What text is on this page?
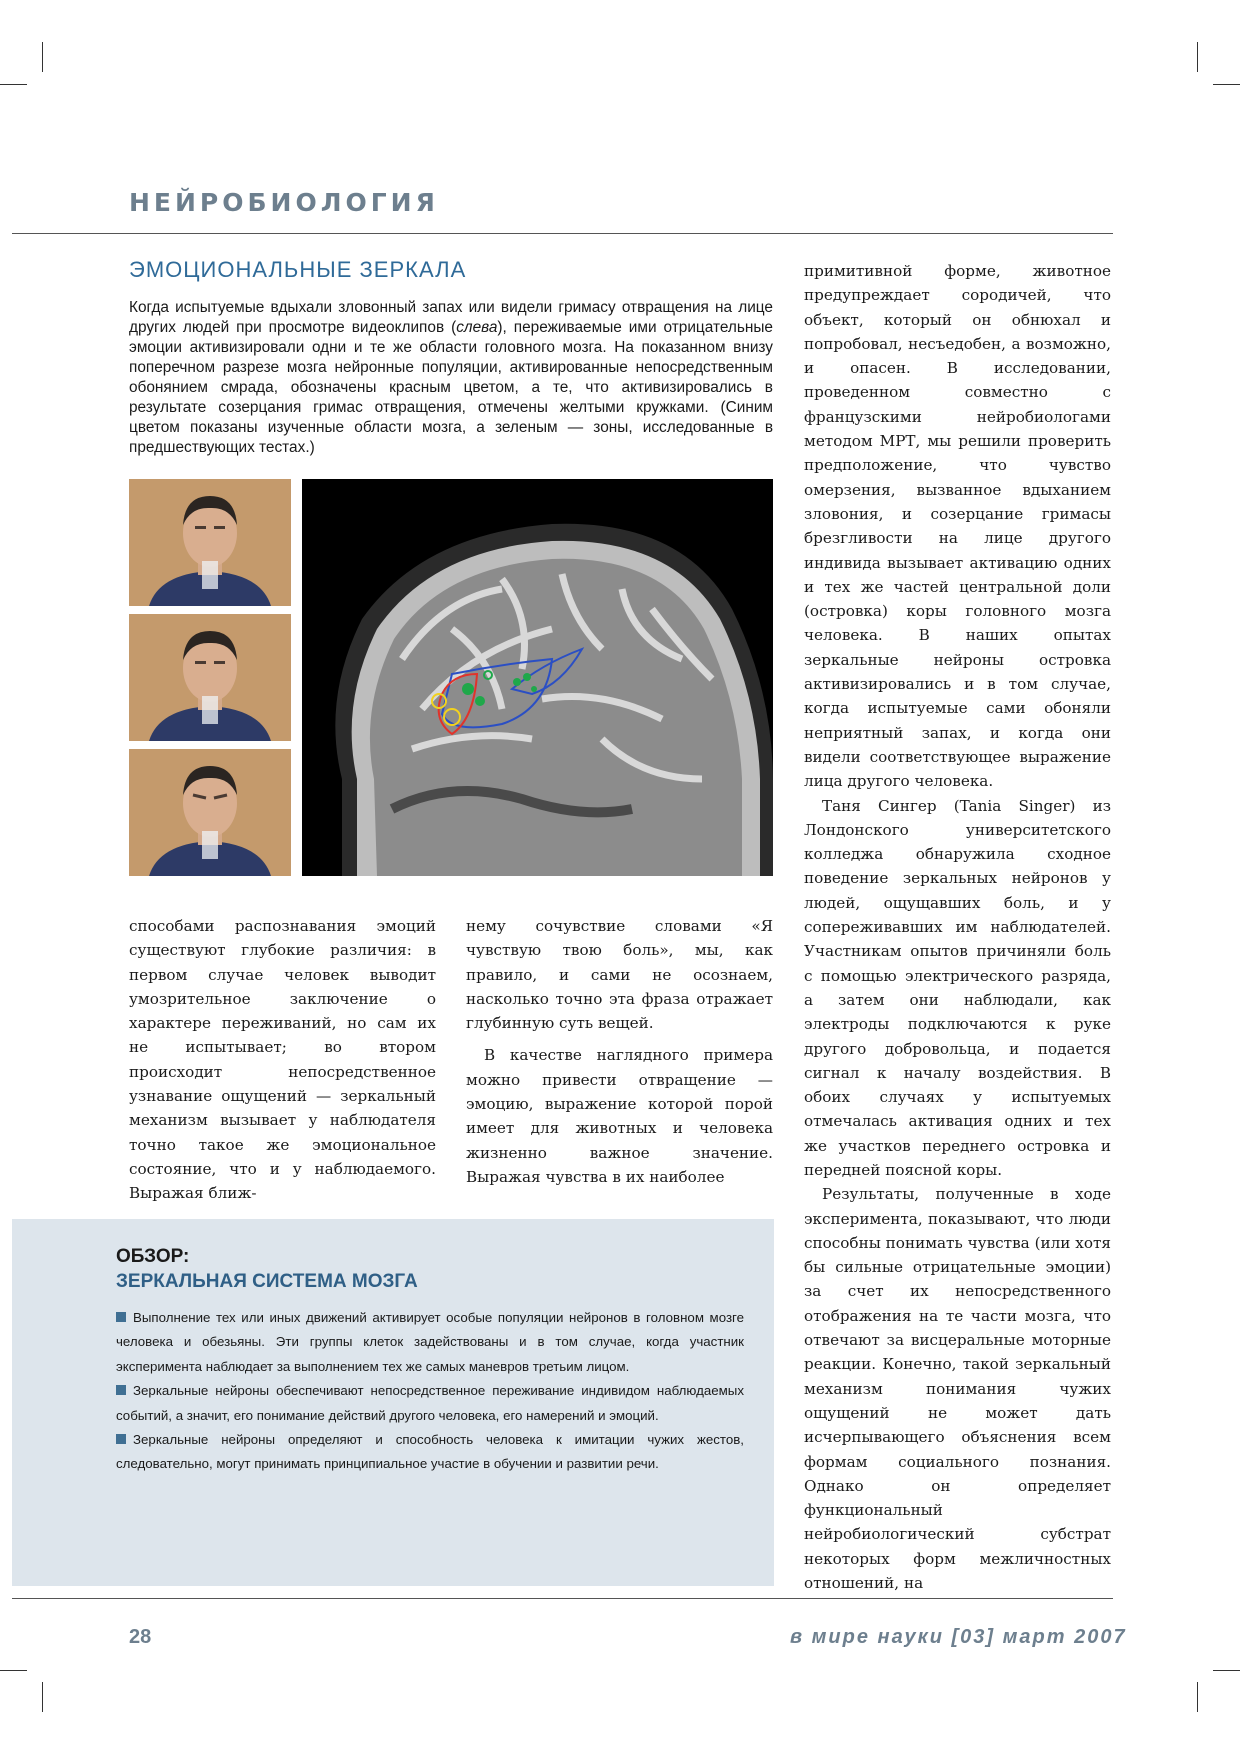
НЕЙРОБИОЛОГИЯ
ЭМОЦИОНАЛЬНЫЕ ЗЕРКАЛА

Когда испытуемые вдыхали зловонный запах или видели гримасу отвращения на лице других людей при просмотре видеоклипов (слева), переживаемые ими отрицательные эмоции активизировали одни и те же области головного мозга. На показанном внизу поперечном разрезе мозга нейронные популяции, активированные непосредственным обонянием смрада, обозначены красным цветом, а те, что активизировались в результате созерцания гримас отвращения, отмечены желтыми кружками. (Синим цветом показаны изученные области мозга, а зеленым — зоны, исследованные в предшествующих тестах.)

способами распознавания эмоций существуют глубокие различия: в первом случае человек выводит умозрительное заключение о характере переживаний, но сам их не испытывает; во втором происходит непосредственное узнавание ощущений — зеркальный механизм вызывает у наблюдателя точно такое же эмоциональное состояние, что и у наблюдаемого. Выражая ближ-

нему сочувствие словами «Я чувствую твою боль», мы, как правило, и сами не осознаем, насколько точно эта фраза отражает глубинную суть вещей.

В качестве наглядного примера можно привести отвращение — эмоцию, выражение которой порой имеет для животных и человека жизненно важное значение. Выражая чувства в их наиболее

примитивной форме, животное предупреждает сородичей, что объект, который он обнюхал и попробовал, несъедобен, а возможно, и опасен. В исследовании, проведенном совместно с французскими нейробиологами методом МРТ, мы решили проверить предположение, что чувство омерзения, вызванное вдыханием зловония, и созерцание гримасы брезгливости на лице другого индивида вызывает активацию одних и тех же частей центральной доли (островка) коры головного мозга человека. В наших опытах зеркальные нейроны островка активизировались и в том случае, когда испытуемые сами обоняли неприятный запах, и когда они видели соответствующее выражение лица другого человека.

Таня Сингер (Tania Singer) из Лондонского университетского колледжа обнаружила сходное поведение зеркальных нейронов у людей, ощущавших боль, и у сопереживавших им наблюдателей. Участникам опытов причиняли боль с помощью электрического разряда, а затем они наблюдали, как электроды подключаются к руке другого добровольца, и подается сигнал к началу воздействия. В обоих случаях у испытуемых отмечалась активация одних и тех же участков переднего островка и передней поясной коры.

Результаты, полученные в ходе эксперимента, показывают, что люди способны понимать чувства (или хотя бы сильные отрицательные эмоции) за счет их непосредственного отображения на те части мозга, что отвечают за висцеральные моторные реакции. Конечно, такой зеркальный механизм понимания чужих ощущений не может дать исчерпывающего объяснения всем формам социального познания. Однако он определяет функциональный нейробиологический субстрат некоторых форм межличностных отношений, на

ОБЗОР:
ЗЕРКАЛЬНАЯ СИСТЕМА МОЗГА

Выполнение тех или иных движений активирует особые популяции нейронов в головном мозге человека и обезьяны. Эти группы клеток задействованы и в том случае, когда участник эксперимента наблюдает за выполнением тех же самых маневров третьим лицом.

Зеркальные нейроны обеспечивают непосредственное переживание индивидом наблюдаемых событий, а значит, его понимание действий другого человека, его намерений и эмоций.

Зеркальные нейроны определяют и способность человека к имитации чужих жестов, следовательно, могут принимать принципиальное участие в обучении и развитии речи.

28	в мире науки [03] март 2007
